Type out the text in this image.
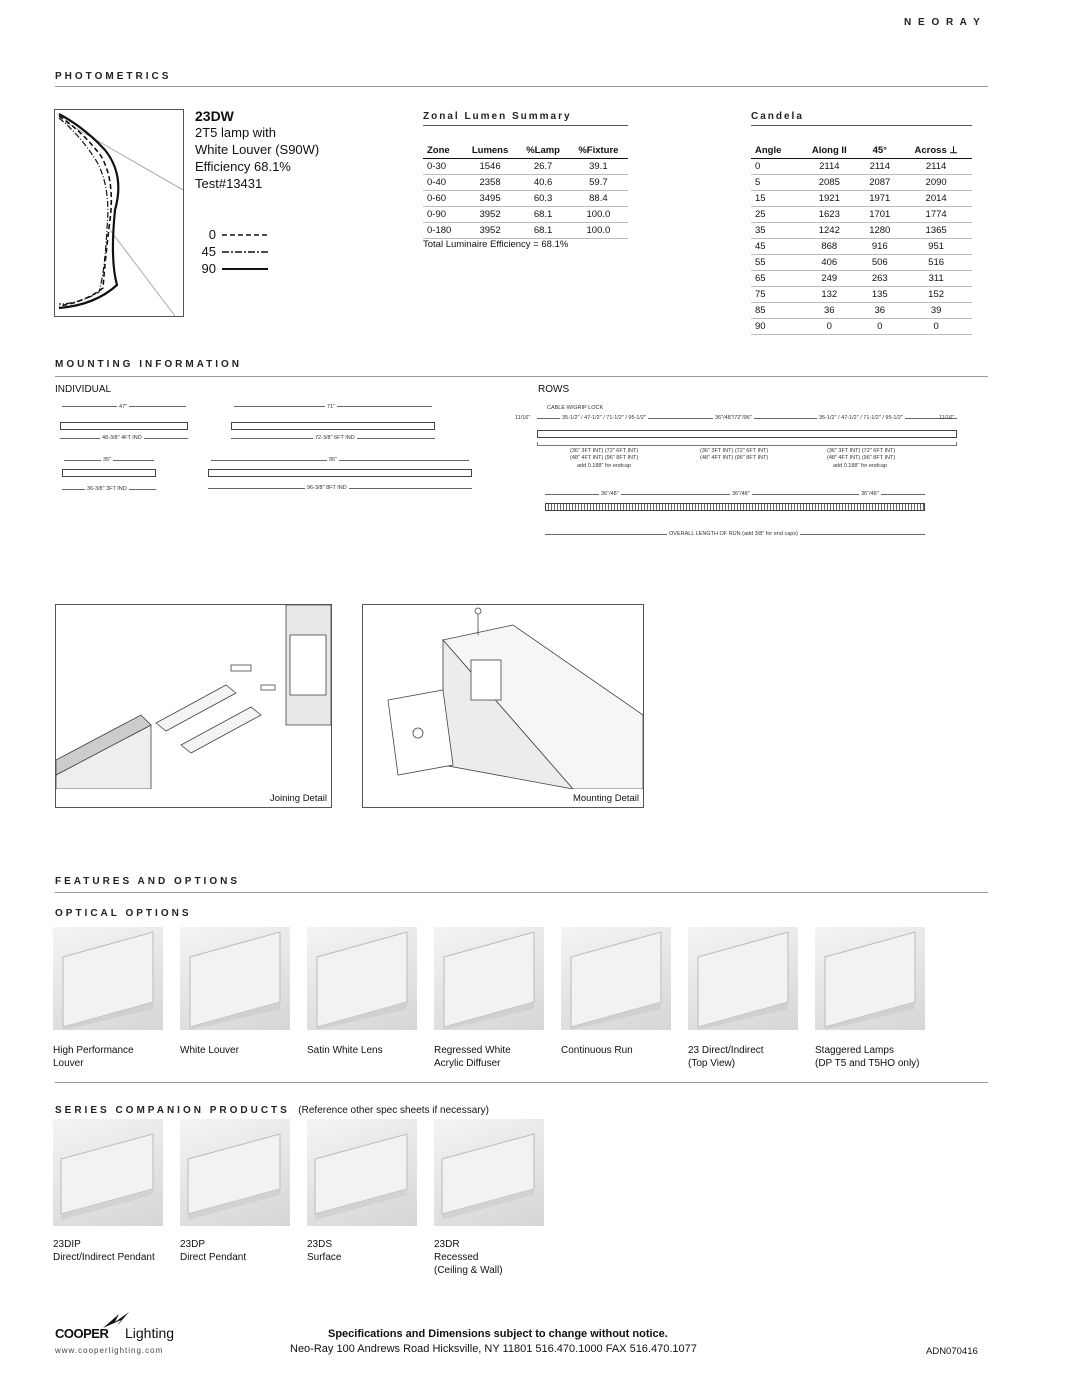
N E O R A Y
PHOTOMETRICS
23DW
2T5 lamp with
White Louver (S90W)
Efficiency 68.1%
Test#13431
0
45
90
Zonal Lumen Summary
Zone	Lumens	%Lamp	%Fixture
0-30	1546	26.7	39.1
0-40	2358	40.6	59.7
0-60	3495	60.3	88.4
0-90	3952	68.1	100.0
0-180	3952	68.1	100.0
Total Luminaire Efficiency = 68.1%
Candela
Angle	Along II	45°	Across ⊥
0	2114	2114	2114
5	2085	2087	2090
15	1921	1971	2014
25	1623	1701	1774
35	1242	1280	1365
45	868	916	951
55	406	506	516
65	249	263	311
75	132	135	152
85	36	36	39
90	0	0	0
MOUNTING INFORMATION
INDIVIDUAL	ROWS
47"
48-3/8" 4FT IND
71"
72-3/8" 6FT IND
35"
36-3/8" 3FT IND
95"
96-3/8" 8FT IND
CABLE W/GRIP LOCK
11/16"	35-1/2" / 47-1/2" / 71-1/2" / 95-1/2"	36"/48"/72"/96"	35-1/2" / 47-1/2" / 71-1/2" / 95-1/2"	11/16"
(36" 3FT INT) (72" 6FT INT)
(48" 4FT INT) (96" 8FT INT)
add 0.188" for endcap
(36" 3FT INT) (72" 6FT INT)
(48" 4FT INT) (96" 8FT INT)
(36" 3FT INT) (72" 6FT INT)
(48" 4FT INT) (96" 8FT INT)
add 0.188" for endcap
36"/48"	36"/48"	36"/48"
OVERALL LENGTH OF RUN (add 3/8" for end caps)
Joining Detail	Mounting Detail
FEATURES AND OPTIONS
OPTICAL OPTIONS
High Performance
Louver
White Louver	Satin White Lens	Regressed White
Acrylic Diffuser
Continuous Run	23 Direct/Indirect
(Top View)
Staggered Lamps
(DP T5 and T5HO only)
SERIES COMPANION PRODUCTS (Reference other spec sheets if necessary)
23DIP
Direct/Indirect Pendant
23DP
Direct Pendant
23DS
Surface
23DR
Recessed
(Ceiling & Wall)
COOPER Lighting
www.cooperlighting.com
Specifications and Dimensions subject to change without notice.
Neo-Ray 100 Andrews Road Hicksville, NY 11801 516.470.1000 FAX 516.470.1077	ADN070416
